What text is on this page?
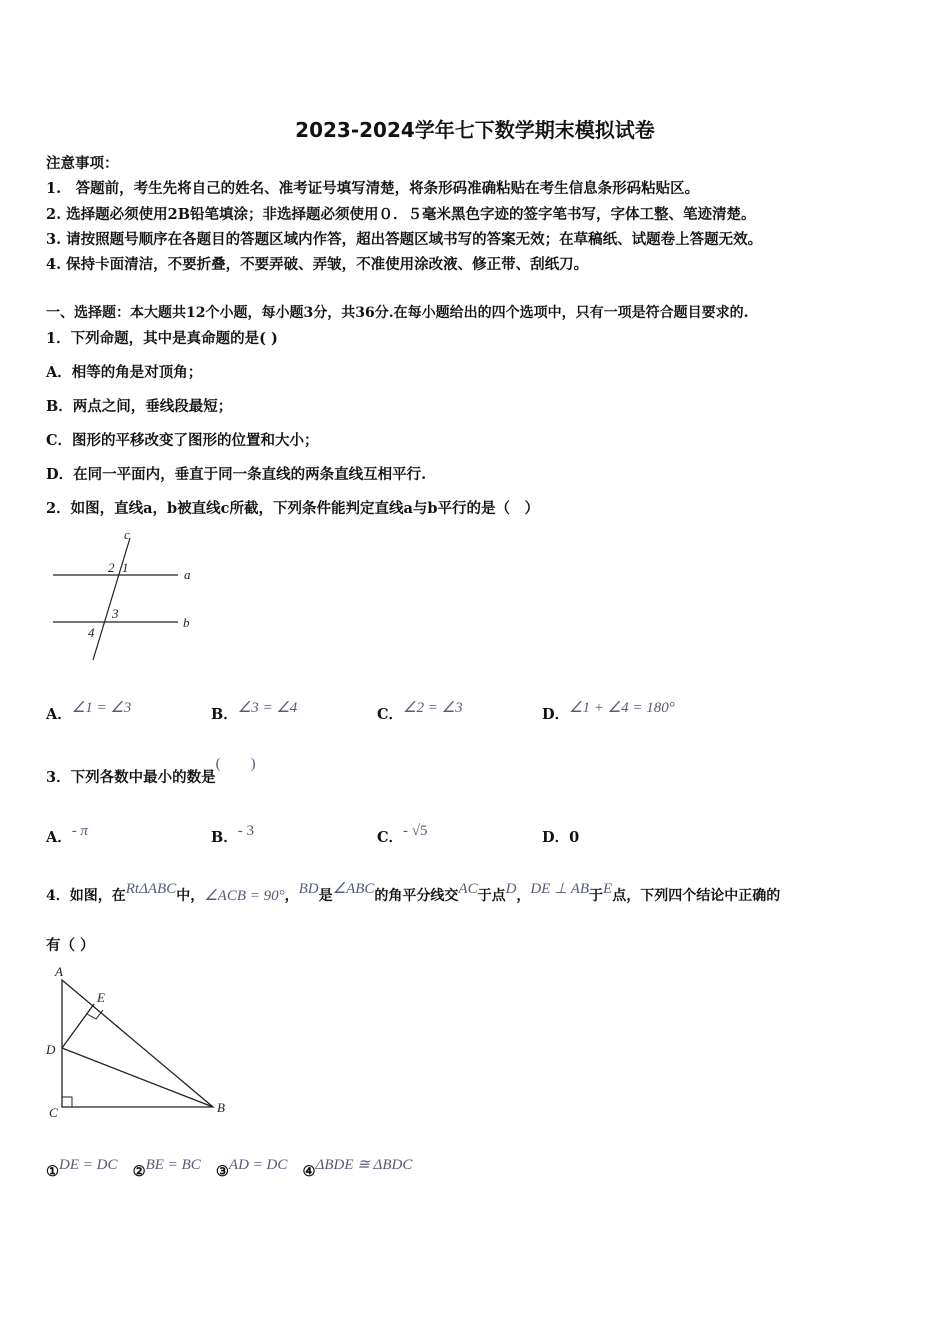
2023-2024学年七下数学期末模拟试卷
注意事项：
1.　答题前，考生先将自己的姓名、准考证号填写清楚，将条形码准确粘贴在考生信息条形码粘贴区。
2. 选择题必须使用2B铅笔填涂；非选择题必须使用０．５毫米黑色字迹的签字笔书写，字体工整、笔迹清楚。
3. 请按照题号顺序在各题目的答题区域内作答，超出答题区域书写的答案无效；在草稿纸、试题卷上答题无效。
4. 保持卡面清洁，不要折叠，不要弄破、弄皱，不准使用涂改液、修正带、刮纸刀。
一、选择题：本大题共12个小题，每小题3分，共36分.在每小题给出的四个选项中，只有一项是符合题目要求的.
1．下列命题，其中是真命题的是( )
A．相等的角是对顶角；
B．两点之间，垂线段最短；
C．图形的平移改变了图形的位置和大小；
D．在同一平面内，垂直于同一条直线的两条直线互相平行.
2．如图，直线a，b被直线c所截，下列条件能判定直线a与b平行的是（　）
c
a
b
2 1
3
4
A．∠1 = ∠3	B．∠3 = ∠4	C．∠2 = ∠3	D．∠1 + ∠4 = 180°
3．下列各数中最小的数是(　　)
A．- π	B．- 3	C．- √5	D．0
4．如图，在RtΔABC中，∠ACB = 90°，BD是∠ABC的角平分线交AC于点D，DE ⊥ AB于E点，下列四个结论中正确的
有（ ）
A
E
D
C	B
①DE = DC ②BE = BC ③AD = DC ④ΔBDE ≅ ΔBDC
